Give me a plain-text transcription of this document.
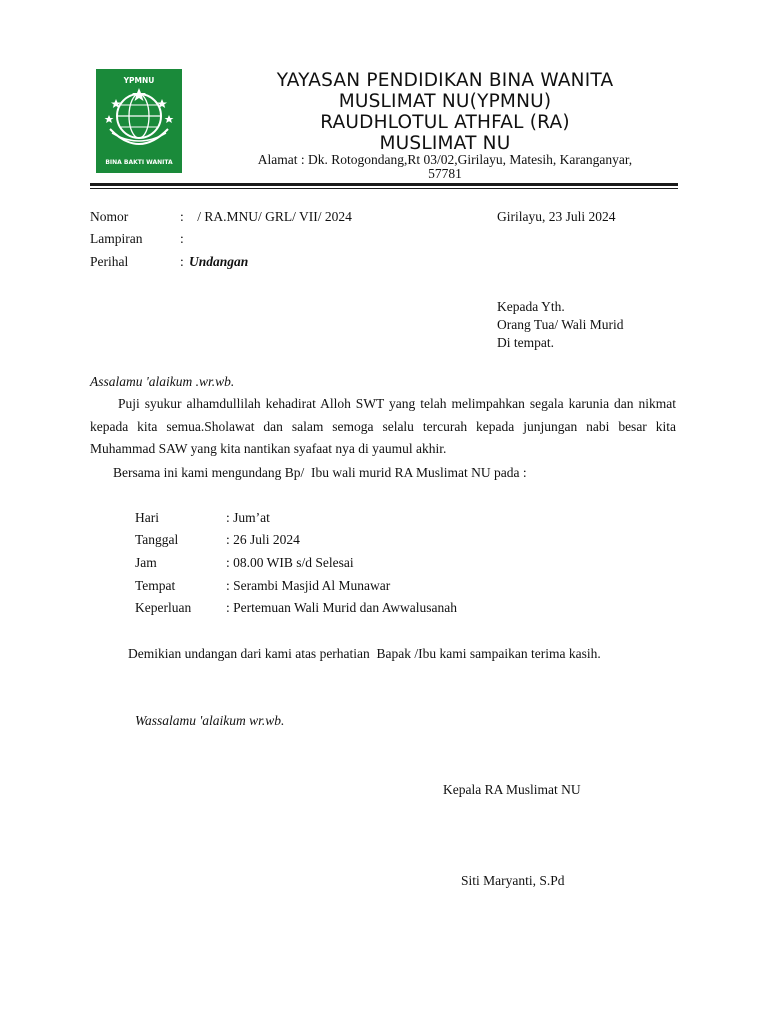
YPMNU
BINA BAKTI WANITA
YAYASAN PENDIDIKAN BINA WANITA
MUSLIMAT NU(YPMNU)
RAUDHLOTUL ATHFAL (RA)
MUSLIMAT NU
Alamat : Dk. Rotogondang,Rt 03/02,Girilayu, Matesih, Karanganyar,
57781
Nomor	:    / RA.MNU/ GRL/ VII/ 2024	Girilayu, 23 Juli 2024
Lampiran	:
Perihal	: Undangan
Kepada Yth.
Orang Tua/ Wali Murid
Di tempat.
Assalamu 'alaikum .wr.wb.
Puji syukur alhamdullilah kehadirat Alloh SWT yang telah melimpahkan segala karunia dan nikmat kepada kita semua.Sholawat dan salam semoga selalu tercurah kepada junjungan nabi besar kita Muhammad SAW yang kita nantikan syafaat nya di yaumul akhir.
Bersama ini kami mengundang Bp/  Ibu wali murid RA Muslimat NU pada :
Hari	: Jum’at
Tanggal	: 26 Juli 2024
Jam	: 08.00 WIB s/d Selesai
Tempat	: Serambi Masjid Al Munawar
Keperluan	: Pertemuan Wali Murid dan Awwalusanah
Demikian undangan dari kami atas perhatian  Bapak /Ibu kami sampaikan terima kasih.
Wassalamu 'alaikum wr.wb.
Kepala RA Muslimat NU
Siti Maryanti, S.Pd
